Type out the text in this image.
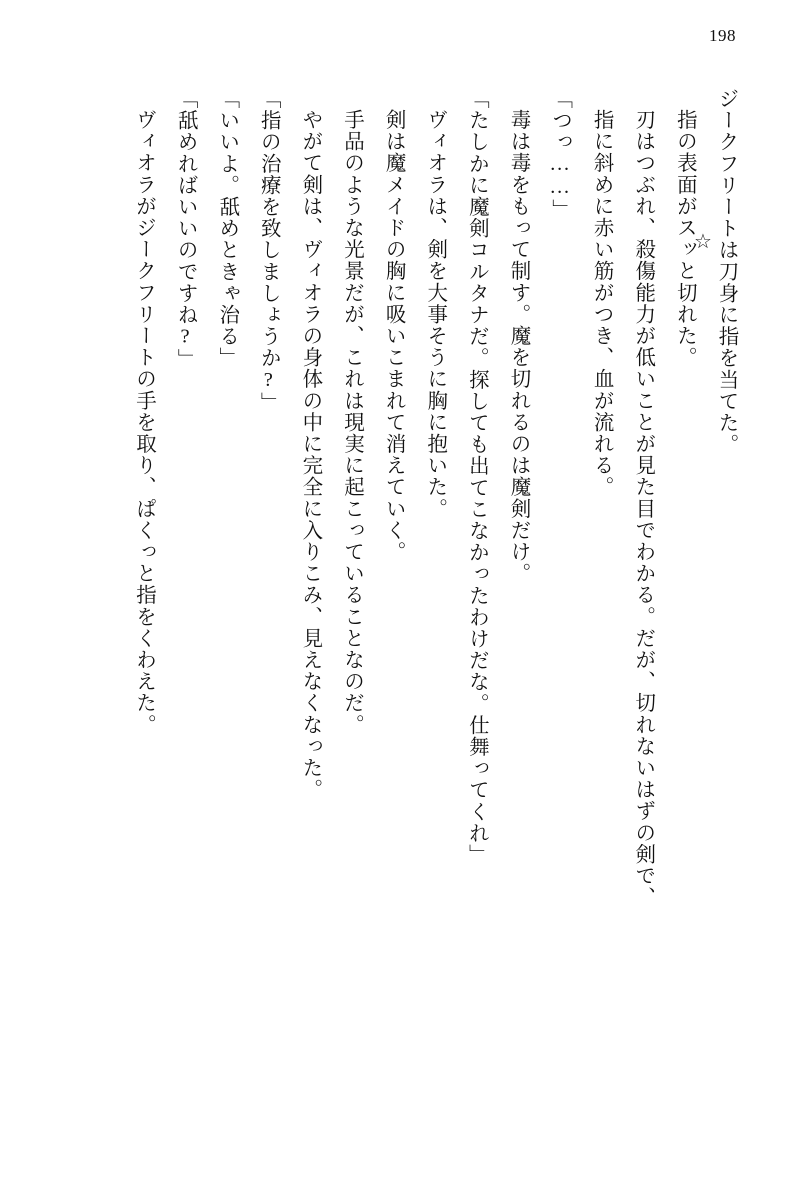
198
☆ ジークフリートは刀身に指を当てた。

指の表面がスッと切れた。

刃はつぶれ、殺傷能力が低いことが見た目でわかる。だが、切れないはずの剣で、

指に斜めに赤い筋がつき、血が流れる。

「つっ……」

毒は毒をもって制す。魔を切れるのは魔剣だけ。

「たしかに魔剣コルタナだ。探しても出てこなかったわけだな。仕舞ってくれ」

ヴィオラは、剣を大事そうに胸に抱いた。

剣は魔メイドの胸に吸いこまれて消えていく。

手品のような光景だが、これは現実に起こっていることなのだ。

やがて剣は、ヴィオラの身体の中に完全に入りこみ、見えなくなった。

「指の治療を致しましょうか?」

「いいよ。舐めときゃ治る」

「舐めればいいのですね?」

ヴィオラがジークフリートの手を取り、ぱくっと指をくわえた。
